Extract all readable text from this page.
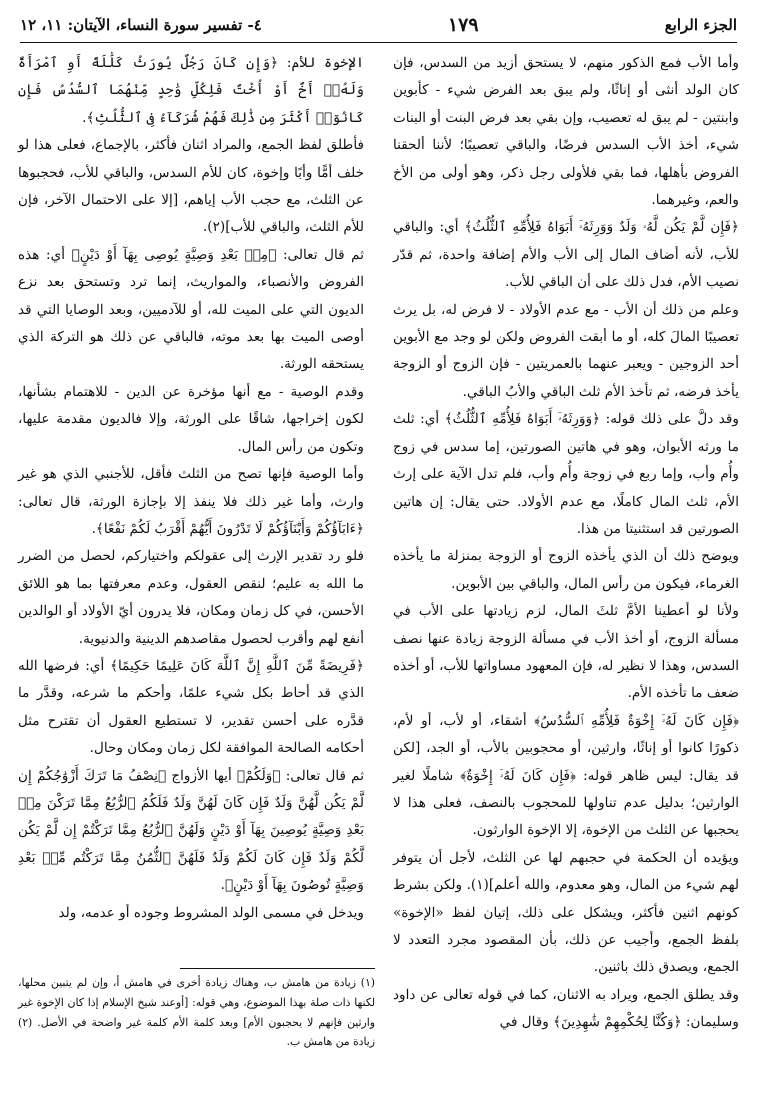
الجزء الرابع
١٧٩
٤- تفسير سورة النساء، الآيتان: ١١، ١٢

وأما الأب فمع الذكور منهم، لا يستحق أزيد من السدس، فإن كان الولد أنثى أو إناثًا، ولم يبق بعد الفرض شيء - كأبوين وابنتين - لم يبق له تعصيب، وإن بقي بعد فرض البنت أو البنات شيء، أخذ الأب السدس فرضًا، والباقي تعصيبًا؛ لأننا ألحقنا الفروض بأهلها، فما بقي فلأولى رجل ذكر، وهو أولى من الأخ والعم، وغيرهما.

﴿فَإِن لَّمْ يَكُن لَّهُۥ وَلَدٌ وَوَرِثَهُۥٓ أَبَوَاهُ فَلِأُمِّهِ ٱلثُّلُثُ﴾ أي: والباقي للأب، لأنه أضاف المال إلى الأب والأم إضافة واحدة، ثم قدّر نصيب الأم، فدل ذلك على أن الباقي للأب.

وعلم من ذلك أن الأب - مع عدم الأولاد - لا فرض له، بل يرث تعصيبًا المالَ كله، أو ما أبقت الفروض ولكن لو وجد مع الأبوين أحد الزوجين - ويعبر عنهما بالعمريتين - فإن الزوج أو الزوجة يأخذ فرضه، ثم تأخذ الأم ثلث الباقي والأبُ الباقي.

وقد دلَّ على ذلك قوله: ﴿وَوَرِثَهُۥٓ أَبَوَاهُ فَلِأُمِّهِ ٱلثُّلُثُ﴾ أي: ثلث ما ورثه الأبوان، وهو في هاتين الصورتين، إما سدس في زوج وأُم وأب، وإما ربع في زوجة وأُم وأب، فلم تدل الآية على إرث الأم، ثلث المال كاملًا، مع عدم الأولاد. حتى يقال: إن هاتين الصورتين قد استثنيتا من هذا.

ويوضح ذلك أن الذي يأخذه الزوج أو الزوجة بمنزلة ما يأخذه الغرماء، فيكون من رأس المال، والباقي بين الأبوين.

ولأنا لو أعطينا الأمَّ ثلثَ المال، لزم زيادتها على الأب في مسألة الزوج، أو أخذ الأب في مسألة الزوجة زيادة عنها نصف السدس، وهذا لا نظير له، فإن المعهود مساواتها للأب، أو أخذه ضعف ما تأخذه الأم.

﴿فَإِن كَانَ لَهُۥٓ إِخْوَةٌ فَلِأُمِّهِ ٱلسُّدُسُ﴾ أشقاء، أو لأب، أو لأم، ذكورًا كانوا أو إناثًا، وارثين، أو محجوبين بالأب، أو الجد، [لكن قد يقال: ليس ظاهر قوله: ﴿فَإِن كَانَ لَهُۥٓ إِخْوَةٌ﴾ شاملًا لغير الوارثين؛ بدليل عدم تناولها للمحجوب بالنصف، فعلى هذا لا يحجبها عن الثلث من الإخوة، إلا الإخوة الوارثون.

ويؤيده أن الحكمة في حجبهم لها عن الثلث، لأجل أن يتوفر لهم شيء من المال، وهو معدوم، والله أعلم](١). ولكن بشرط كونهم اثنين فأكثر، ويشكل على ذلك، إتيان لفظ «الإخوة» بلفظ الجمع، وأجيب عن ذلك، بأن المقصود مجرد التعدد لا الجمع، ويصدق ذلك باثنين.

وقد يطلق الجمع، ويراد به الاثنان، كما في قوله تعالى عن داود وسليمان: ﴿وَكُنَّا لِحُكْمِهِمْ شَٰهِدِينَ﴾ وقال في

الإخوة للأم: ﴿وَإِن كَانَ رَجُلٌ يُورَثُ كَلَٰلَةً أَوِ ٱمْرَأَةٌ وَلَهُۥٓ أَخٌ أَوْ أُخْتٌ فَلِكُلِّ وَٰحِدٍ مِّنْهُمَا ٱلسُّدُسُ فَإِن كَانُوٓا۟ أَكْثَرَ مِن ذَٰلِكَ فَهُمْ شُرَكَآءُ فِى ٱلثُّلُثِ﴾.

فأطلق لفظ الجمع، والمراد اثنان فأكثر، بالإجماع، فعلى هذا لو خلف أمًّا وأبًا وإخوة، كان للأم السدس، والباقي للأب، فحجبوها عن الثلث، مع حجب الأب إياهم، [إلا على الاحتمال الآخر، فإن للأم الثلث، والباقي للأب](٢).

ثم قال تعالى: ﴿مِنۢ بَعْدِ وَصِيَّةٍ يُوصِى بِهَآ أَوْ دَيْنٍ﴾ أي: هذه الفروض والأنصباء، والمواريث، إنما ترد وتستحق بعد نزع الديون التي على الميت لله، أو للآدميين، وبعد الوصايا التي قد أوصى الميت بها بعد موته، فالباقي عن ذلك هو التركة الذي يستحقه الورثة.

وقدم الوصية - مع أنها مؤخرة عن الدين - للاهتمام بشأنها، لكون إخراجها، شاقًا على الورثة، وإلا فالديون مقدمة عليها، وتكون من رأس المال.

وأما الوصية فإنها تصح من الثلث فأقل، للأجنبي الذي هو غير وارث، وأما غير ذلك فلا ينفذ إلا بإجازة الورثة، قال تعالى: ﴿ءَابَآؤُكُمْ وَأَبْنَآؤُكُمْ لَا تَدْرُونَ أَيُّهُمْ أَقْرَبُ لَكُمْ نَفْعًا﴾.

فلو رد تقدير الإرث إلى عقولكم واختياركم، لحصل من الضرر ما الله به عليم؛ لنقص العقول، وعدم معرفتها بما هو اللائق الأحسن، في كل زمان ومكان، فلا يدرون أيّ الأولاد أو الوالدين أنفع لهم وأقرب لحصول مقاصدهم الدينية والدنيوية.

﴿فَرِيضَةً مِّنَ ٱللَّهِ إِنَّ ٱللَّهَ كَانَ عَلِيمًا حَكِيمًا﴾ أي: فرضها الله الذي قد أحاط بكل شيء علمًا، وأحكم ما شرعه، وقدَّر ما قدَّره على أحسن تقدير، لا تستطيع العقول أن تقترح مثل أحكامه الصالحة الموافقة لكل زمان ومكان وحال.

ثم قال تعالى: ﴿وَلَكُمْ﴾ أيها الأزواج ﴿نِصْفُ مَا تَرَكَ أَزْوَٰجُكُمْ إِن لَّمْ يَكُن لَّهُنَّ وَلَدٌ فَإِن كَانَ لَهُنَّ وَلَدٌ فَلَكُمُ ٱلرُّبُعُ مِمَّا تَرَكْنَ مِنۢ بَعْدِ وَصِيَّةٍ يُوصِينَ بِهَآ أَوْ دَيْنٍ وَلَهُنَّ ٱلرُّبُعُ مِمَّا تَرَكْتُمْ إِن لَّمْ يَكُن لَّكُمْ وَلَدٌ فَإِن كَانَ لَكُمْ وَلَدٌ فَلَهُنَّ ٱلثُّمُنُ مِمَّا تَرَكْتُم مِّنۢ بَعْدِ وَصِيَّةٍ تُوصُونَ بِهَآ أَوْ دَيْنٍ﴾.

ويدخل في مسمى الولد المشروط وجوده أو عدمه، ولد

(١) زيادة من هامش ب، وهناك زيادة أخرى في هامش أ، وإن لم يتبين محلها، لكنها ذات صلة بهذا الموضوع، وهي قوله: [أوعند شيخ الإسلام إذا كان الإخوة غير وارثين فإنهم لا يحجبون الأم] وبعد كلمة الأم كلمة غير واضحة في الأصل. (٢) زيادة من هامش ب.
